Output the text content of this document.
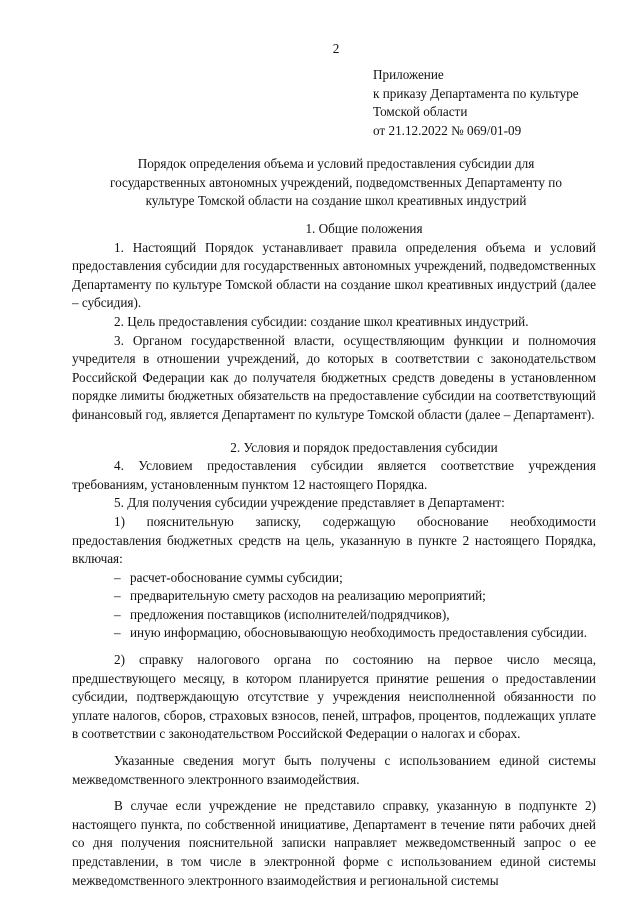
2
Приложение
к приказу Департамента по культуре
Томской области
от 21.12.2022 № 069/01-09
Порядок определения объема и условий предоставления субсидии для
государственных автономных учреждений, подведомственных Департаменту по
культуре Томской области на создание школ креативных индустрий

1. Общие положения

1. Настоящий Порядок устанавливает правила определения объема и условий предоставления субсидии для государственных автономных учреждений, подведомственных Департаменту по культуре Томской области на создание школ креативных индустрий (далее – субсидия).

2. Цель предоставления субсидии: создание школ креативных индустрий.

3. Органом государственной власти, осуществляющим функции и полномочия учредителя в отношении учреждений, до которых в соответствии с законодательством Российской Федерации как до получателя бюджетных средств доведены в установленном порядке лимиты бюджетных обязательств на предоставление субсидии на соответствующий финансовый год, является Департамент по культуре Томской области (далее – Департамент).

2. Условия и порядок предоставления субсидии

4. Условием предоставления субсидии является соответствие учреждения требованиям, установленным пунктом 12 настоящего Порядка.

5. Для получения субсидии учреждение представляет в Департамент:

1) пояснительную записку, содержащую обоснование необходимости предоставления бюджетных средств на цель, указанную в пункте 2 настоящего Порядка, включая:

– расчет-обоснование суммы субсидии;
– предварительную смету расходов на реализацию мероприятий;
– предложения поставщиков (исполнителей/подрядчиков),
– иную информацию, обосновывающую необходимость предоставления субсидии.

2) справку налогового органа по состоянию на первое число месяца, предшествующего месяцу, в котором планируется принятие решения о предоставлении субсидии, подтверждающую отсутствие у учреждения неисполненной обязанности по уплате налогов, сборов, страховых взносов, пеней, штрафов, процентов, подлежащих уплате в соответствии с законодательством Российской Федерации о налогах и сборах.

Указанные сведения могут быть получены с использованием единой системы межведомственного электронного взаимодействия.

В случае если учреждение не представило справку, указанную в подпункте 2) настоящего пункта, по собственной инициативе, Департамент в течение пяти рабочих дней со дня получения пояснительной записки направляет межведомственный запрос о ее представлении, в том числе в электронной форме с использованием единой системы межведомственного электронного взаимодействия и региональной системы
